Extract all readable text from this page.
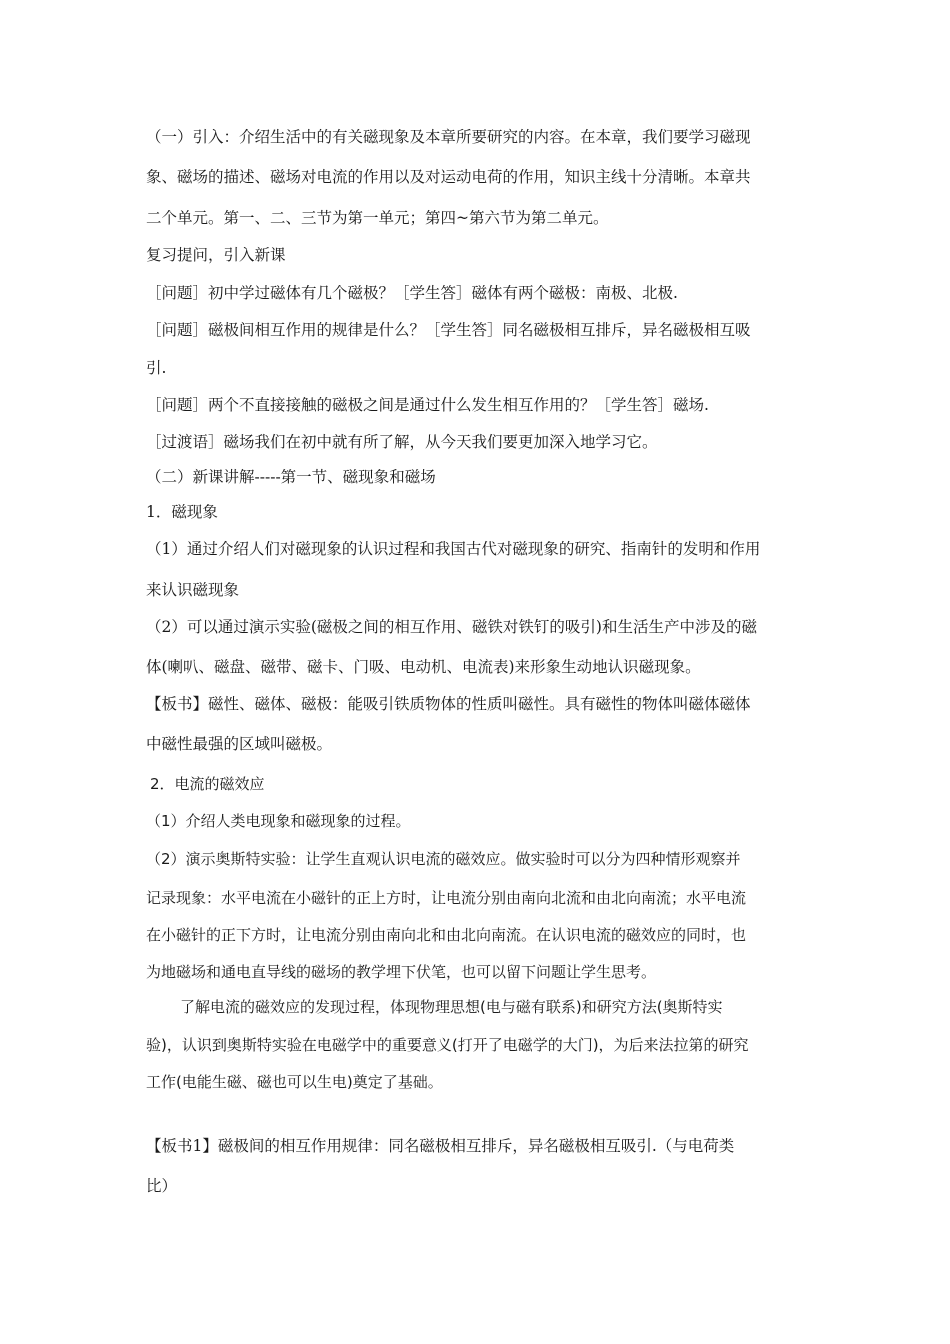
（一）引入：介绍生活中的有关磁现象及本章所要研究的内容。在本章，我们要学习磁现

象、磁场的描述、磁场对电流的作用以及对运动电荷的作用，知识主线十分清晰。本章共

二个单元。第一、二、三节为第一单元；第四~第六节为第二单元。

复习提问，引入新课

［问题］初中学过磁体有几个磁极？［学生答］磁体有两个磁极：南极、北极.

［问题］磁极间相互作用的规律是什么？［学生答］同名磁极相互排斥，异名磁极相互吸

引.

［问题］两个不直接接触的磁极之间是通过什么发生相互作用的？［学生答］磁场.

［过渡语］磁场我们在初中就有所了解，从今天我们要更加深入地学习它。

（二）新课讲解-----第一节、磁现象和磁场

1．磁现象

（1）通过介绍人们对磁现象的认识过程和我国古代对磁现象的研究、指南针的发明和作用

来认识磁现象

（2）可以通过演示实验(磁极之间的相互作用、磁铁对铁钉的吸引)和生活生产中涉及的磁

体(喇叭、磁盘、磁带、磁卡、门吸、电动机、电流表)来形象生动地认识磁现象。

【板书】磁性、磁体、磁极：能吸引铁质物体的性质叫磁性。具有磁性的物体叫磁体磁体

中磁性最强的区域叫磁极。

2．电流的磁效应

（1）介绍人类电现象和磁现象的过程。

（2）演示奥斯特实验：让学生直观认识电流的磁效应。做实验时可以分为四种情形观察并

记录现象：水平电流在小磁针的正上方时，让电流分别由南向北流和由北向南流；水平电流

在小磁针的正下方时，让电流分别由南向北和由北向南流。在认识电流的磁效应的同时，也

为地磁场和通电直导线的磁场的教学埋下伏笔，也可以留下问题让学生思考。

了解电流的磁效应的发现过程，体现物理思想(电与磁有联系)和研究方法(奥斯特实

验)，认识到奥斯特实验在电磁学中的重要意义(打开了电磁学的大门)，为后来法拉第的研究

工作(电能生磁、磁也可以生电)奠定了基础。

【板书1】磁极间的相互作用规律：同名磁极相互排斥，异名磁极相互吸引.（与电荷类

比）
